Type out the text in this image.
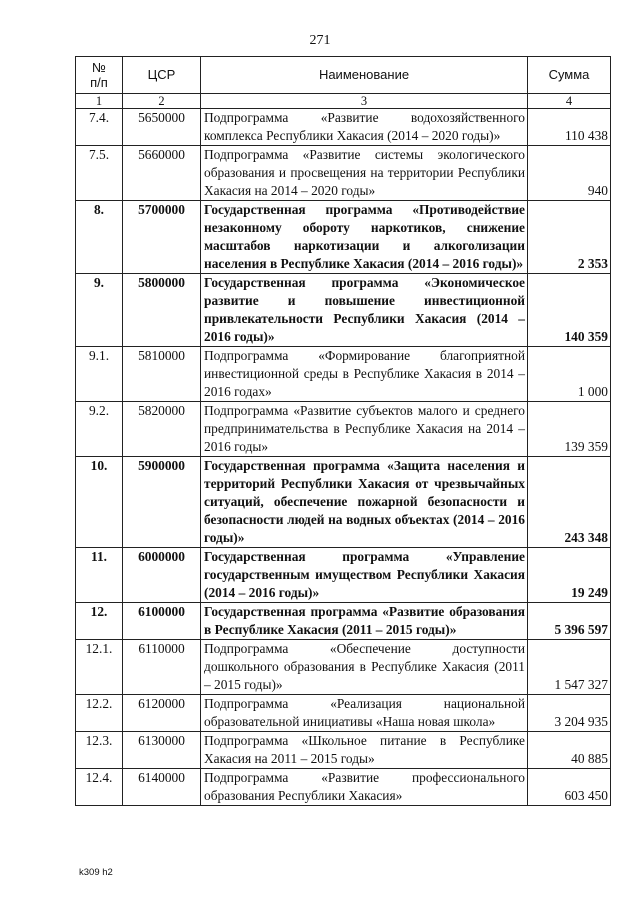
271
№
п/п	ЦСР	Наименование	Сумма
1	2	3	4
7.4.	5650000	Подпрограмма «Развитие водохозяйственного комплекса Республики Хакасия (2014 – 2020 годы)»	110 438
7.5.	5660000	Подпрограмма «Развитие системы экологического образования и просвещения на территории Республики Хакасия на 2014 – 2020 годы»	940
8.	5700000	Государственная программа «Противодействие незаконному обороту наркотиков, снижение масштабов наркотизации и алкоголизации населения в Республике Хакасия (2014 – 2016 годы)»	2 353
9.	5800000	Государственная программа «Экономическое развитие и повышение инвестиционной привлекательности Республики Хакасия (2014 – 2016 годы)»	140 359
9.1.	5810000	Подпрограмма «Формирование благоприятной инвестиционной среды в Республике Хакасия в 2014 – 2016 годах»	1 000
9.2.	5820000	Подпрограмма «Развитие субъектов малого и среднего предпринимательства в Республике Хакасия на 2014 – 2016 годы»	139 359
10.	5900000	Государственная программа «Защита населения и территорий Республики Хакасия от чрезвычайных ситуаций, обеспечение пожарной безопасности и безопасности людей на водных объектах (2014 – 2016 годы)»	243 348
11.	6000000	Государственная программа «Управление государственным имуществом Республики Хакасия (2014 – 2016 годы)»	19 249
12.	6100000	Государственная программа «Развитие образования в Республике Хакасия (2011 – 2015 годы)»	5 396 597
12.1.	6110000	Подпрограмма «Обеспечение доступности дошкольного образования в Республике Хакасия (2011 – 2015 годы)»	1 547 327
12.2.	6120000	Подпрограмма «Реализация национальной образовательной инициативы «Наша новая школа»	3 204 935
12.3.	6130000	Подпрограмма «Школьное питание в Республике Хакасия на 2011 – 2015 годы»	40 885
12.4.	6140000	Подпрограмма «Развитие профессионального образования Республики Хакасия»	603 450
k309 h2
